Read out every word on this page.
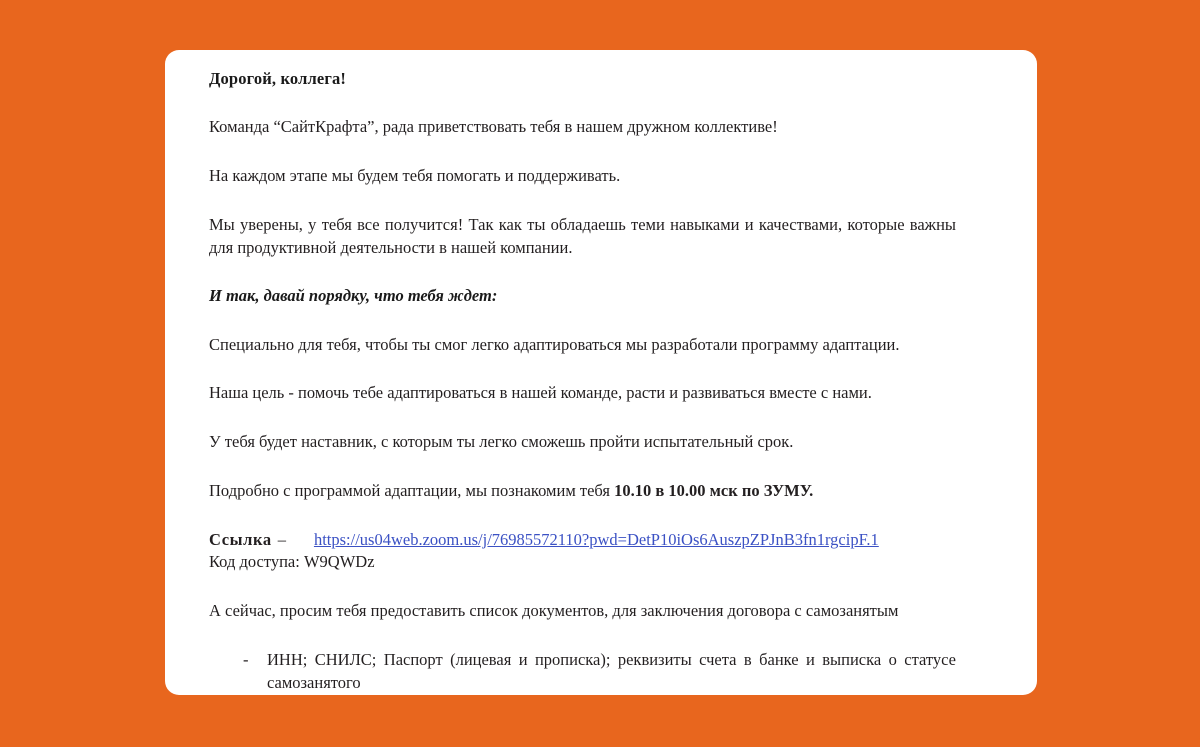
Дорогой, коллега!

Команда “СайтКрафта”, рада приветствовать тебя в нашем дружном коллективе!

На каждом этапе мы будем тебя помогать и поддерживать.

Мы уверены, у тебя все получится! Так как ты обладаешь теми навыками и качествами, которые важны для продуктивной деятельности в нашей компании.

И так, давай порядку, что тебя ждет:

Специально для тебя, чтобы ты смог легко адаптироваться мы разработали программу адаптации.

Наша цель - помочь тебе адаптироваться в нашей команде, расти и развиваться вместе с нами.

У тебя будет наставник, с которым ты легко сможешь пройти испытательный срок.

Подробно с программой адаптации, мы познакомим тебя 10.10 в 10.00 мск по ЗУМУ.

Ссылка – https://us04web.zoom.us/j/76985572110?pwd=DetP10iOs6AuszpZPJnB3fn1rgcipF.1

Код доступа: W9QWDz

А сейчас, просим тебя предоставить список документов, для заключения договора с самозанятым

- ИНН; СНИЛС; Паспорт (лицевая и прописка); реквизиты счета в банке и выписка о статусе самозанятого
